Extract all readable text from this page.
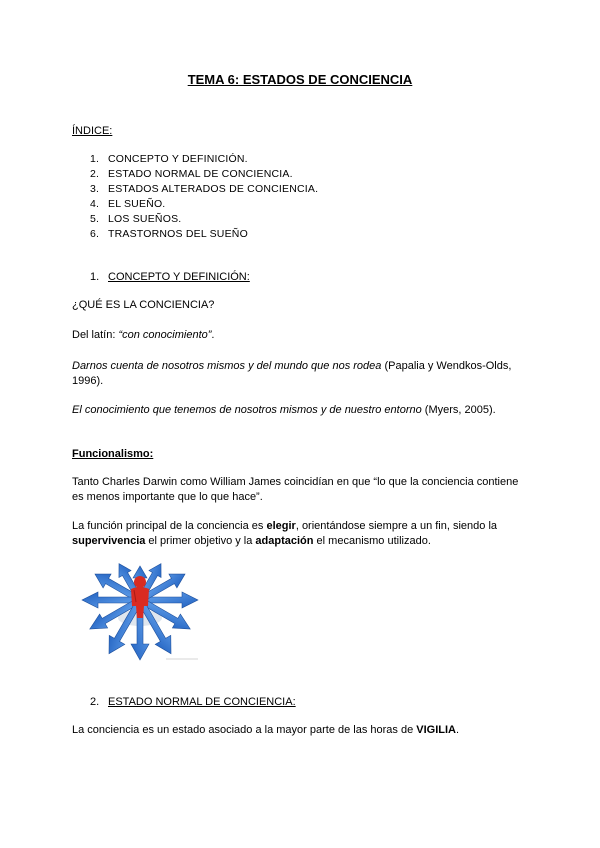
TEMA 6: ESTADOS DE CONCIENCIA
ÍNDICE:
1. CONCEPTO Y DEFINICIÓN.
2. ESTADO NORMAL DE CONCIENCIA.
3. ESTADOS ALTERADOS DE CONCIENCIA.
4. EL SUEÑO.
5. LOS SUEÑOS.
6. TRASTORNOS DEL SUEÑO
1. CONCEPTO Y DEFINICIÓN:
¿QUÉ ES LA CONCIENCIA?
Del latín: “con conocimiento”.
Darnos cuenta de nosotros mismos y del mundo que nos rodea (Papalia y Wendkos-Olds,
1996).
El conocimiento que tenemos de nosotros mismos y de nuestro entorno (Myers, 2005).
Funcionalismo:
Tanto Charles Darwin como William James coincidían en que “lo que la conciencia contiene
es menos importante que lo que hace”.
La función principal de la conciencia es elegir, orientándose siempre a un fin, siendo la
supervivencia el primer objetivo y la adaptación el mecanismo utilizado.
2. ESTADO NORMAL DE CONCIENCIA:
La conciencia es un estado asociado a la mayor parte de las horas de VIGILIA.
